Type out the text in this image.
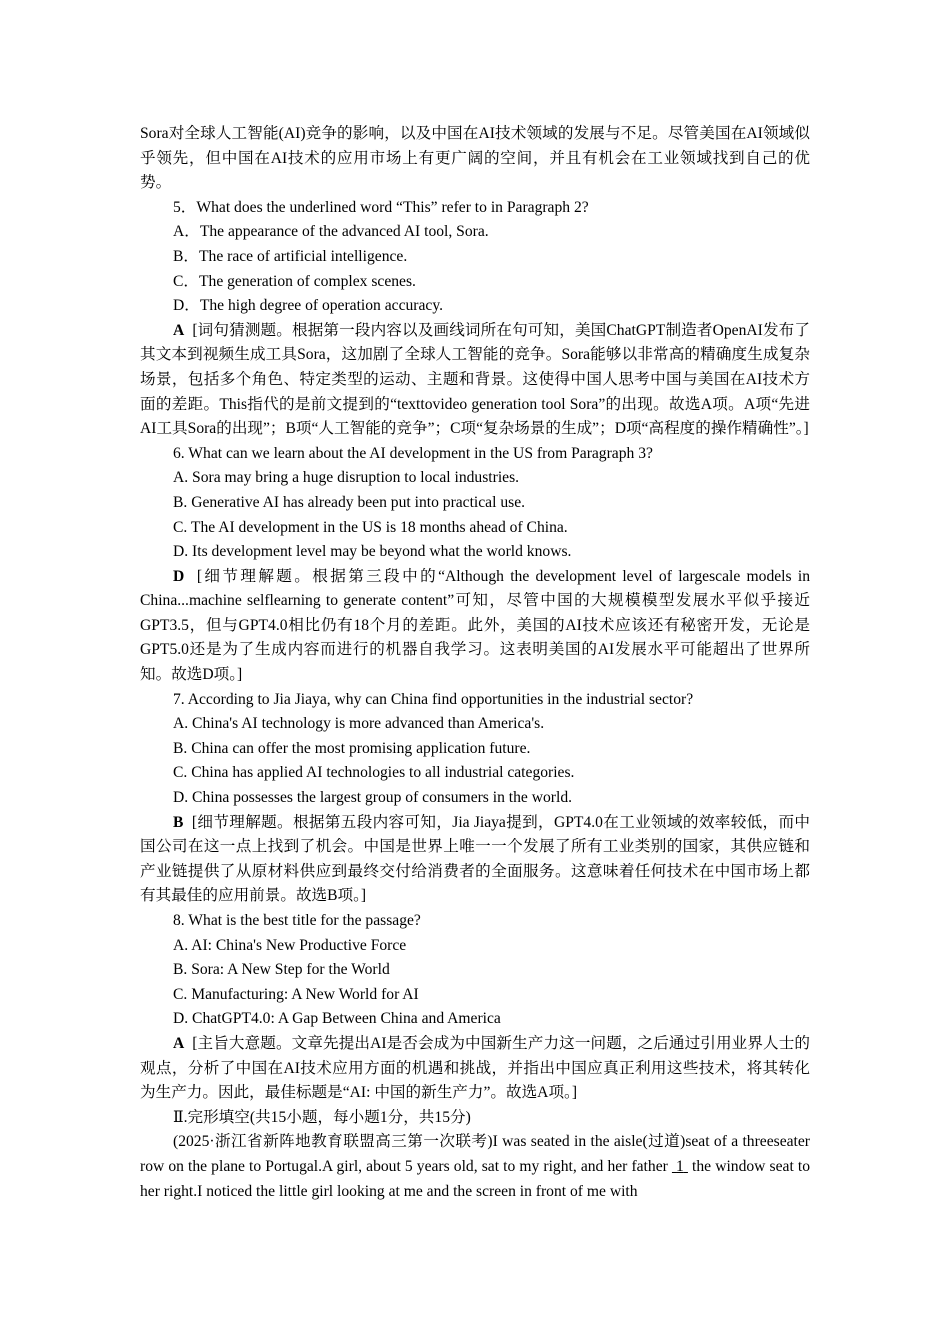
Sora对全球人工智能(AI)竞争的影响，以及中国在AI技术领域的发展与不足。尽管美国在AI领域似乎领先，但中国在AI技术的应用市场上有更广阔的空间，并且有机会在工业领域找到自己的优势。

5．What does the underlined word “This” refer to in Paragraph 2?

A．The appearance of the advanced AI tool, Sora.

B．The race of artificial intelligence.

C．The generation of complex scenes.

D．The high degree of operation accuracy.

A [词句猜测题。根据第一段内容以及画线词所在句可知，美国ChatGPT制造者OpenAI发布了其文本到视频生成工具Sora，这加剧了全球人工智能的竞争。Sora能够以非常高的精确度生成复杂场景，包括多个角色、特定类型的运动、主题和背景。这使得中国人思考中国与美国在AI技术方面的差距。This指代的是前文提到的“texttovideo generation tool Sora”的出现。故选A项。A项“先进AI工具Sora的出现”；B项“人工智能的竞争”；C项“复杂场景的生成”；D项“高程度的操作精确性”。]

6. What can we learn about the AI development in the US from Paragraph 3?

A. Sora may bring a huge disruption to local industries.

B. Generative AI has already been put into practical use.

C. The AI development in the US is 18 months ahead of China.

D. Its development level may be beyond what the world knows.

D [细节理解题。根据第三段中的“Although the development level of largescale models in China...machine selflearning to generate content”可知，尽管中国的大规模模型发展水平似乎接近GPT3.5，但与GPT4.0相比仍有18个月的差距。此外，美国的AI技术应该还有秘密开发，无论是GPT5.0还是为了生成内容而进行的机器自我学习。这表明美国的AI发展水平可能超出了世界所知。故选D项。]

7. According to Jia Jiaya, why can China find opportunities in the industrial sector?

A. China's AI technology is more advanced than America's.

B. China can offer the most promising application future.

C. China has applied AI technologies to all industrial categories.

D. China possesses the largest group of consumers in the world.

B [细节理解题。根据第五段内容可知，Jia Jiaya提到，GPT4.0在工业领域的效率较低，而中国公司在这一点上找到了机会。中国是世界上唯一一个发展了所有工业类别的国家，其供应链和产业链提供了从原材料供应到最终交付给消费者的全面服务。这意味着任何技术在中国市场上都有其最佳的应用前景。故选B项。]

8. What is the best title for the passage?

A. AI: China's New Productive Force

B. Sora: A New Step for the World

C. Manufacturing: A New World for AI

D. ChatGPT4.0: A Gap Between China and America

A [主旨大意题。文章先提出AI是否会成为中国新生产力这一问题，之后通过引用业界人士的观点，分析了中国在AI技术应用方面的机遇和挑战，并指出中国应真正利用这些技术，将其转化为生产力。因此，最佳标题是“AI: 中国的新生产力”。故选A项。]

Ⅱ.完形填空(共15小题，每小题1分，共15分)

(2025·浙江省新阵地教育联盟高三第一次联考)I was seated in the aisle(过道)seat of a threeseater row on the plane to Portugal.A girl, about 5 years old, sat to my right, and her father 1 the window seat to her right.I noticed the little girl looking at me and the screen in front of me with
